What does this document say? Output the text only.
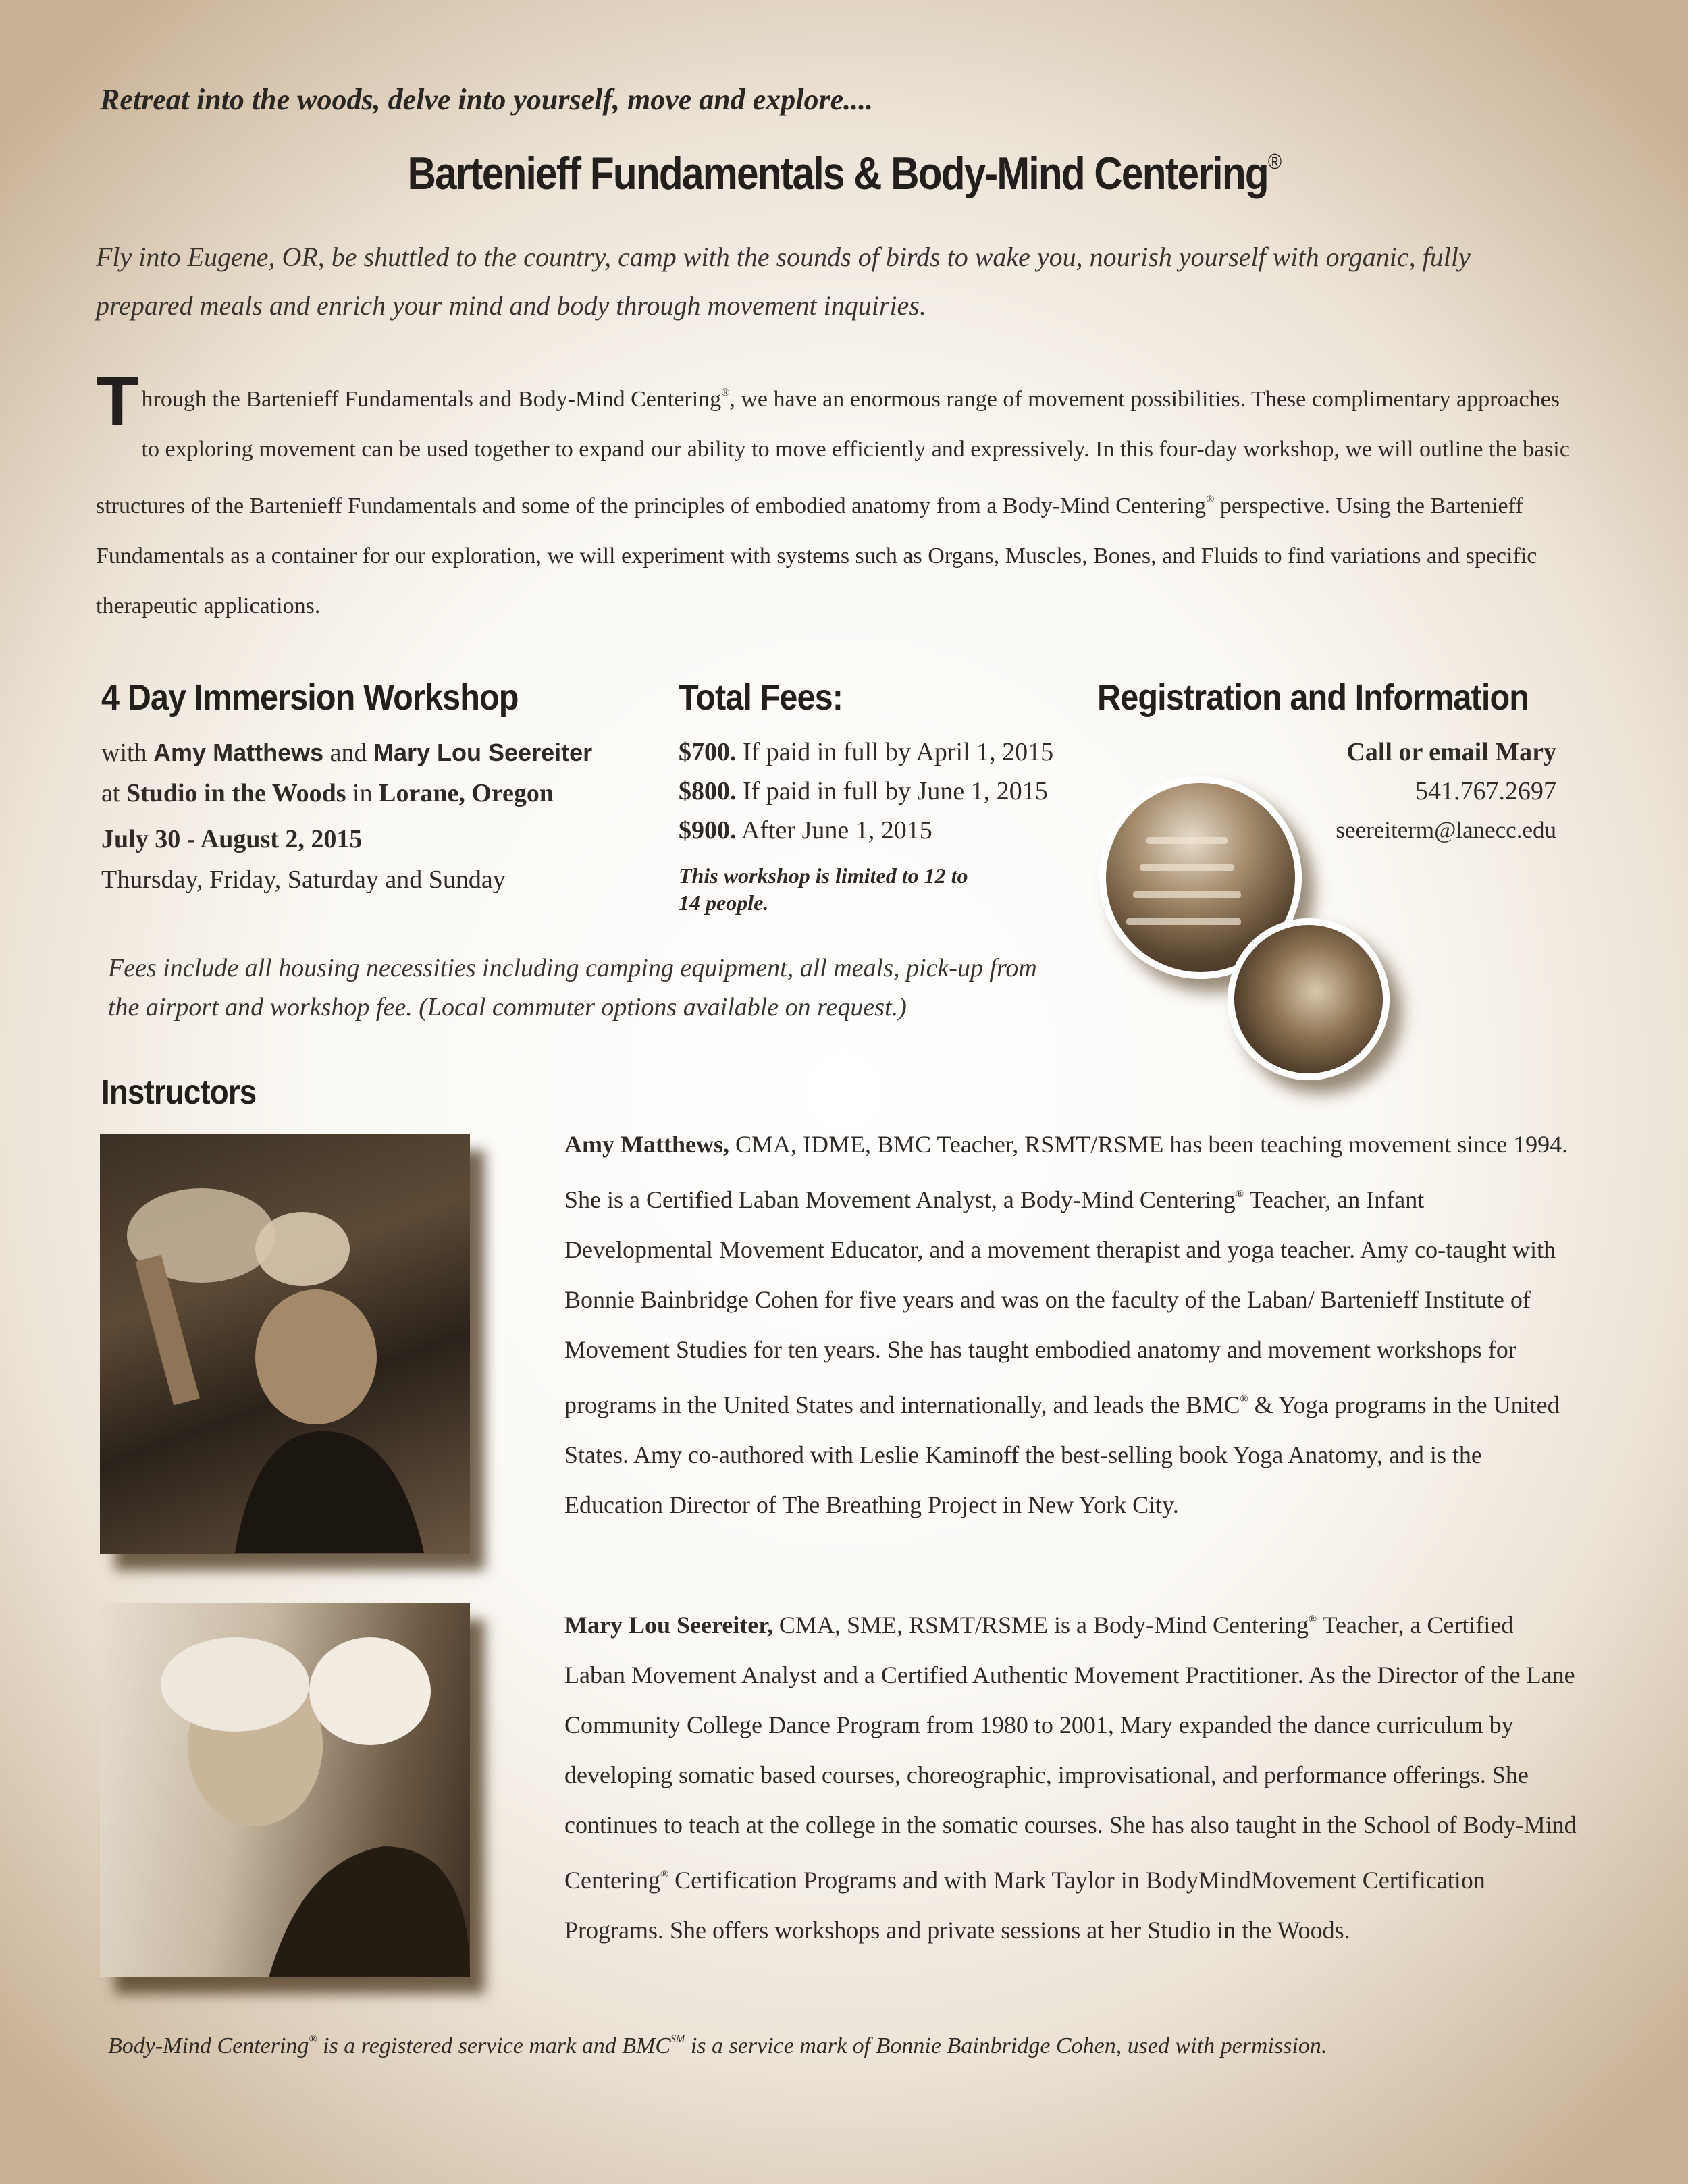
Retreat into the woods, delve into yourself, move and explore....
Bartenieff Fundamentals & Body-Mind Centering®
Fly into Eugene, OR, be shuttled to the country, camp with the sounds of birds to wake you, nourish yourself with organic, fully prepared meals and enrich your mind and body through movement inquiries.
Through the Bartenieff Fundamentals and Body-Mind Centering®, we have an enormous range of movement possibilities. These complimentary approaches to exploring movement can be used together to expand our ability to move efficiently and expressively. In this four-day workshop, we will outline the basic structures of the Bartenieff Fundamentals and some of the principles of embodied anatomy from a Body-Mind Centering® perspective. Using the Bartenieff Fundamentals as a container for our exploration, we will experiment with systems such as Organs, Muscles, Bones, and Fluids to find variations and specific therapeutic applications.
4 Day Immersion Workshop	Total Fees:	Registration and Information
with Amy Matthews and Mary Lou Seereiter
at Studio in the Woods in Lorane, Oregon
July 30 - August 2, 2015
Thursday, Friday, Saturday and Sunday
$700. If paid in full by April 1, 2015
$800. If paid in full by June 1, 2015
$900. After June 1, 2015
This workshop is limited to 12 to 14 people.
Call or email Mary
541.767.2697
seereiterm@lanecc.edu
Fees include all housing necessities including camping equipment, all meals, pick-up from the airport and workshop fee. (Local commuter options available on request.)
Instructors
Amy Matthews, CMA, IDME, BMC Teacher, RSMT/RSME has been teaching movement since 1994. She is a Certified Laban Movement Analyst, a Body-Mind Centering® Teacher, an Infant Developmental Movement Educator, and a movement therapist and yoga teacher. Amy co-taught with Bonnie Bainbridge Cohen for five years and was on the faculty of the Laban/ Bartenieff Institute of Movement Studies for ten years. She has taught embodied anatomy and movement workshops for programs in the United States and internationally, and leads the BMC® & Yoga programs in the United States. Amy co-authored with Leslie Kaminoff the best-selling book Yoga Anatomy, and is the Education Director of The Breathing Project in New York City.
Mary Lou Seereiter, CMA, SME, RSMT/RSME is a Body-Mind Centering® Teacher, a Certified Laban Movement Analyst and a Certified Authentic Movement Practitioner. As the Director of the Lane Community College Dance Program from 1980 to 2001, Mary expanded the dance curriculum by developing somatic based courses, choreographic, improvisational, and performance offerings. She continues to teach at the college in the somatic courses. She has also taught in the School of Body-Mind Centering® Certification Programs and with Mark Taylor in BodyMindMovement Certification Programs. She offers workshops and private sessions at her Studio in the Woods.
Body-Mind Centering® is a registered service mark and BMC℠ is a service mark of Bonnie Bainbridge Cohen, used with permission.
